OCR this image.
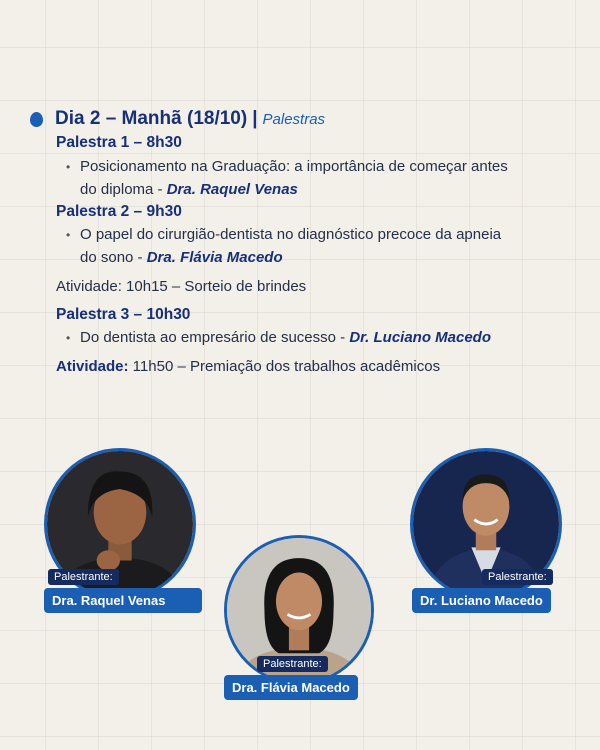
Dia 2 – Manhã (18/10) | Palestras
Palestra 1 – 8h30
• Posicionamento na Graduação: a importância de começar antes
do diploma - Dra. Raquel Venas
Palestra 2 – 9h30
• O papel do cirurgião-dentista no diagnóstico precoce da apneia
do sono - Dra. Flávia Macedo
Atividade: 10h15 – Sorteio de brindes
Palestra 3 – 10h30
• Do dentista ao empresário de sucesso - Dr. Luciano Macedo
Atividade: 11h50 – Premiação dos trabalhos acadêmicos
Palestrante:
Dra. Raquel Venas
Palestrante:
Dra. Flávia Macedo
Palestrante:
Dr. Luciano Macedo
